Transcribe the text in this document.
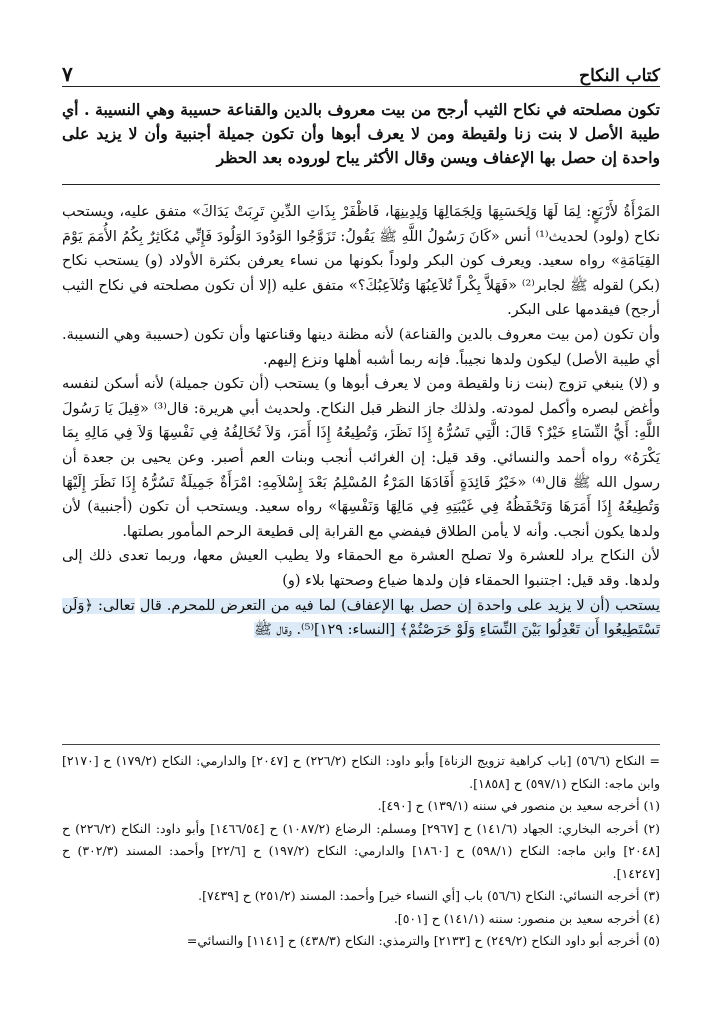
كتاب النكاح
٧

تكون مصلحته في نكاح الثيب أرجح من بيت معروف بالدين والقناعة حسيبة وهي النسيبة . أي طيبة الأصل لا بنت زنا ولقيطة ومن لا يعرف أبوها وأن تكون جميلة أجنبية وأن لا يزيد على واحدة إن حصل بها الإعفاف ويسن وقال الأكثر يباح لوروده بعد الحظر

المَرْأَةُ لأَرْبَعٍ: لِمَا لَهَا وَلِحَسَبِهَا وَلِجَمَالِهَا وَلِدِينِهَا، فَاظْفَرْ بِذَاتِ الدِّينِ تَرِبَتْ يَدَاكَ» متفق عليه، ويستحب نكاح (ولود) لحديث⁽¹⁾ أنس «كَانَ رَسُولُ اللَّهِ ﷺ يَقُولُ: تَزَوَّجُوا الوَدُودَ الوَلُودَ فَإِنِّي مُكَاثِرٌ بِكُمُ الأُمَمَ يَوْمَ القِيَامَةِ» رواه سعيد. ويعرف كون البكر ولوداً بكونها من نساء يعرفن بكثرة الأولاد (و) يستحب نكاح (بكر) لقوله ﷺ لجابر⁽²⁾ «فَهَلاَّ بِكْراً تُلاَعِبُهَا وَتُلاَعِبُكَ؟» متفق عليه (إلا أن تكون مصلحته في نكاح الثيب أرجح) فيقدمها على البكر.

وأن تكون (من بيت معروف بالدين والقناعة) لأنه مظنة دينها وقناعتها وأن تكون (حسيبة وهي النسيبة. أي طيبة الأصل) ليكون ولدها نجيباً. فإنه ربما أشبه أهلها ونزع إليهم.

و (لا) ينبغي تزوج (بنت زنا ولقيطة ومن لا يعرف أبوها و) يستحب (أن تكون جميلة) لأنه أسكن لنفسه وأغض لبصره وأكمل لمودته. ولذلك جاز النظر قبل النكاح. ولحديث أبي هريرة: قال⁽³⁾ «قِيلَ يَا رَسُولَ اللَّهِ: أَيُّ النِّسَاءِ خَيْرٌ؟ قَالَ: الَّتِي تَسُرُّهُ إِذَا نَظَرَ، وَتُطِيعُهُ إِذَا أَمَرَ، وَلاَ تُخَالِفُهُ فِي نَفْسِهَا وَلاَ فِي مَالِهِ بِمَا يَكْرَهُ» رواه أحمد والنسائي. وقد قيل: إن الغرائب أنجب وبنات العم أصبر. وعن يحيى بن جعدة أن رسول الله ﷺ قال⁽⁴⁾ «خَيْرُ فَائِدَةٍ أَفَادَهَا المَرْءُ المُسْلِمُ بَعْدَ إِسْلاَمِهِ: امْرَأَةٌ جَمِيلَةٌ تَسُرُّهُ إِذَا نَظَرَ إِلَيْهَا وَتُطِيعُهُ إِذَا أَمَرَهَا وَتَحْفَظُهُ فِي غَيْبَتِهِ فِي مَالِهَا وَنَفْسِهَا» رواه سعيد. ويستحب أن تكون (أجنبية) لأن ولدها يكون أنجب. وأنه لا يأمن الطلاق فيفضي مع القرابة إلى قطيعة الرحم المأمور بصلتها.

لأن النكاح يراد للعشرة ولا تصلح العشرة مع الحمقاء ولا يطيب العيش معها، وربما تعدى ذلك إلى ولدها. وقد قيل: اجتنبوا الحمقاء فإن ولدها ضياع وصحتها بلاء (و)

يستحب (أن لا يزيد على واحدة إن حصل بها الإعفاف) لما فيه من التعرض للمحرم. قال تعالى: ﴿وَلَن تَسْتَطِيعُوا أَن تَعْدِلُوا بَيْنَ النِّسَاءِ وَلَوْ حَرَصْتُمْ﴾ [النساء: ١٢٩]⁽⁵⁾. وقال ﷺ

= النكاح (٥٦/٦) [باب كراهية تزويج الزناة] وأبو داود: النكاح (٢٢٦/٢) ح [٢٠٤٧] والدارمي: النكاح (١٧٩/٢) ح [٢١٧٠] وابن ماجه: النكاح (٥٩٧/١) ح [١٨٥٨].

(١) أخرجه سعيد بن منصور في سننه (١٣٩/١) ح [٤٩٠].

(٢) أخرجه البخاري: الجهاد (١٤١/٦) ح [٢٩٦٧] ومسلم: الرضاع (١٠٨٧/٢) ح [١٤٦٦/٥٤] وأبو داود: النكاح (٢٢٦/٢) ح [٢٠٤٨] وابن ماجه: النكاح (٥٩٨/١) ح [١٨٦٠] والدارمي: النكاح (١٩٧/٢) ح [٢٢/٦] وأحمد: المسند (٣٠٢/٣) ح [١٤٢٤٧].

(٣) أخرجه النسائي: النكاح (٥٦/٦) باب [أي النساء خير] وأحمد: المسند (٢٥١/٢) ح [٧٤٣٩].

(٤) أخرجه سعيد بن منصور: سننه (١٤١/١) ح [٥٠١].

(٥) أخرجه أبو داود النكاح (٢٤٩/٢) ح [٢١٣٣] والترمذي: النكاح (٤٣٨/٣) ح [١١٤١] والنسائي=
